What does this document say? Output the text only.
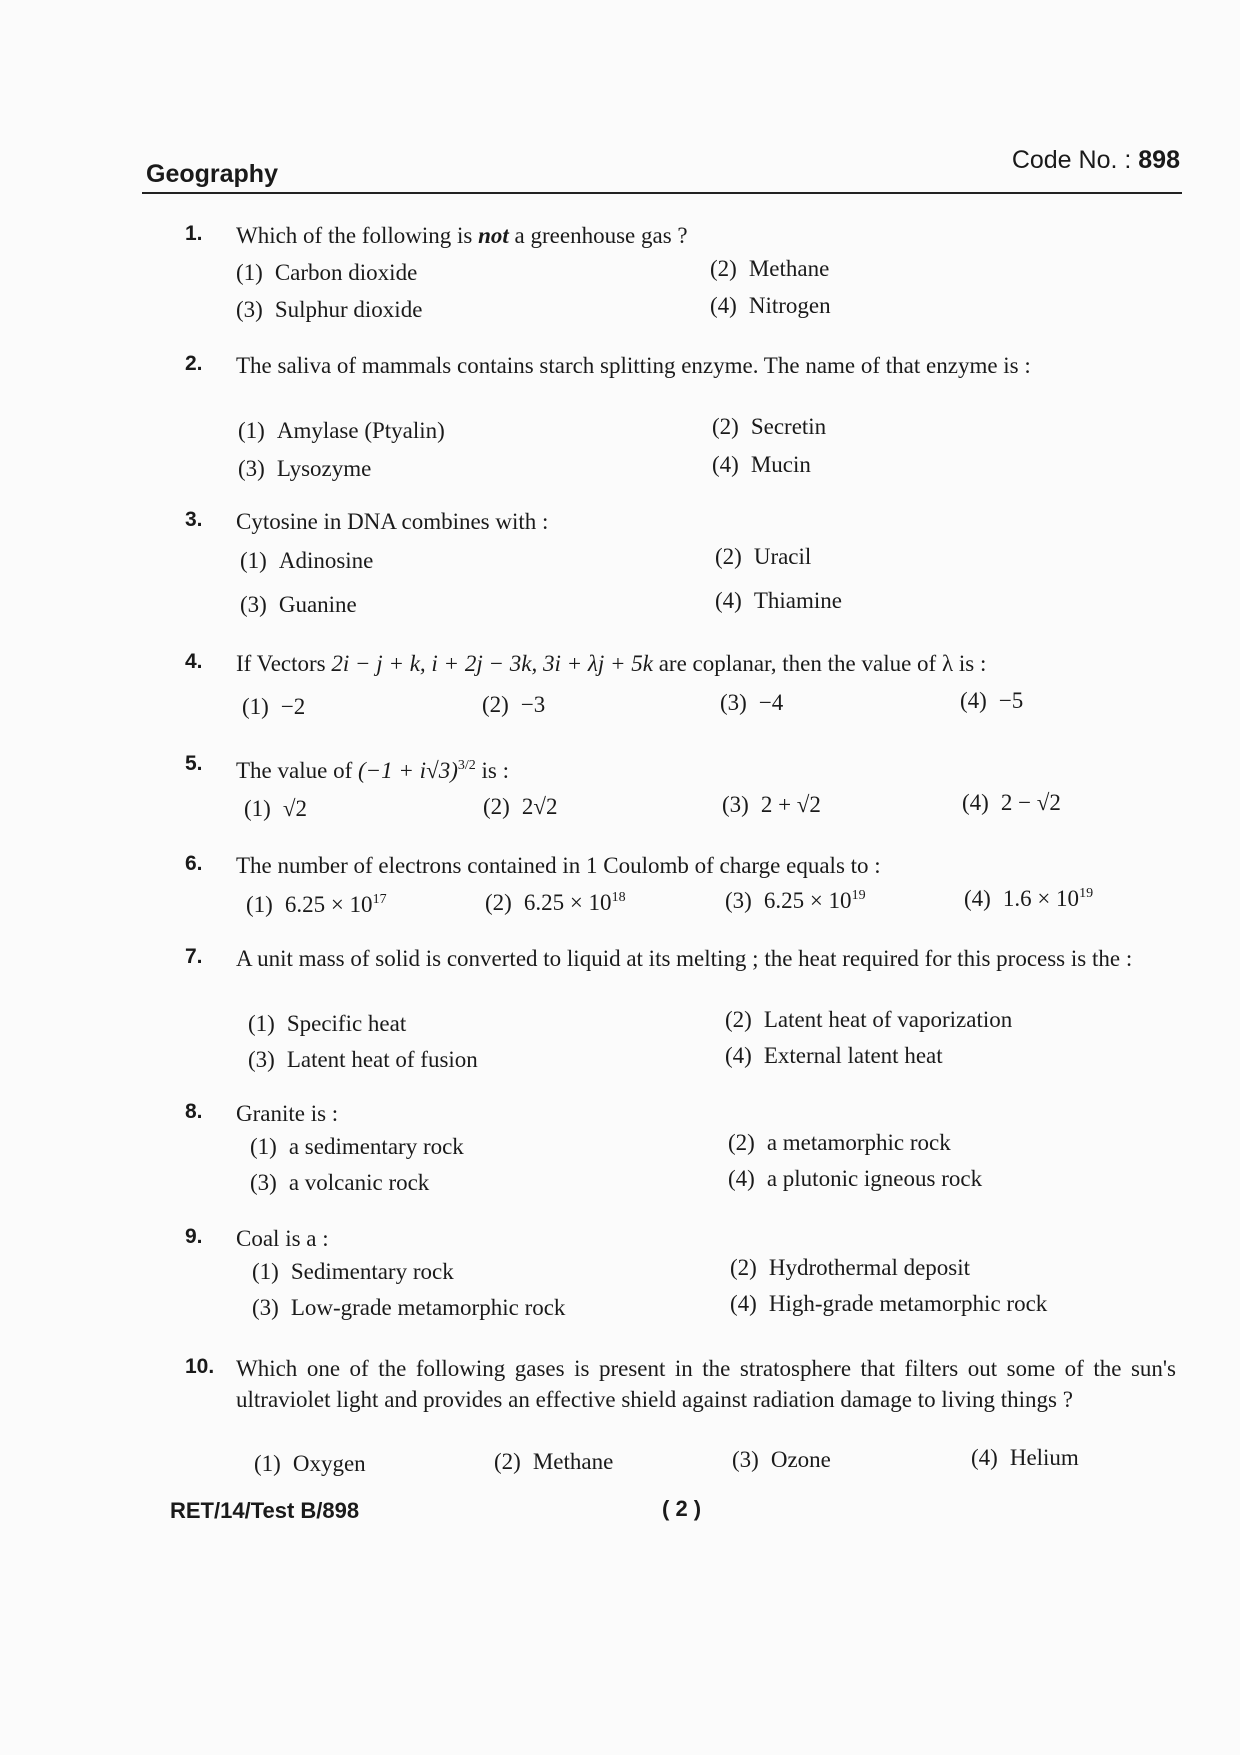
Geography	Code No. : 898
1. Which of the following is not a greenhouse gas ?
(1) Carbon dioxide	(2) Methane
(3) Sulphur dioxide	(4) Nitrogen
2. The saliva of mammals contains starch splitting enzyme. The name of that enzyme is :
(1) Amylase (Ptyalin)	(2) Secretin
(3) Lysozyme	(4) Mucin
3. Cytosine in DNA combines with :
(1) Adinosine	(2) Uracil
(3) Guanine	(4) Thiamine
4. If Vectors 2i − j + k, i + 2j − 3k, 3i + λj + 5k are coplanar, then the value of λ is :
(1) −2	(2) −3	(3) −4	(4) −5
5. The value of $(-1 + i√3)^{3/2}$ is :
(1) √2	(2) 2√2	(3) 2 + √2	(4) 2 − √2
6. The number of electrons contained in 1 Coulomb of charge equals to :
(1) $6.25 \times 10^{17}$	(2) $6.25 \times 10^{18}$	(3) $6.25 \times 10^{19}$	(4) $1.6 \times 10^{19}$
7. A unit mass of solid is converted to liquid at its melting ; the heat required for this process is the :
(1) Specific heat	(2) Latent heat of vaporization
(3) Latent heat of fusion	(4) External latent heat
8. Granite is :
(1) a sedimentary rock	(2) a metamorphic rock
(3) a volcanic rock	(4) a plutonic igneous rock
9. Coal is a :
(1) Sedimentary rock	(2) Hydrothermal deposit
(3) Low-grade metamorphic rock	(4) High-grade metamorphic rock
10. Which one of the following gases is present in the stratosphere that filters out some of the sun's ultraviolet light and provides an effective shield against radiation damage to living things ?
(1) Oxygen	(2) Methane	(3) Ozone	(4) Helium
RET/14/Test B/898	( 2 )
